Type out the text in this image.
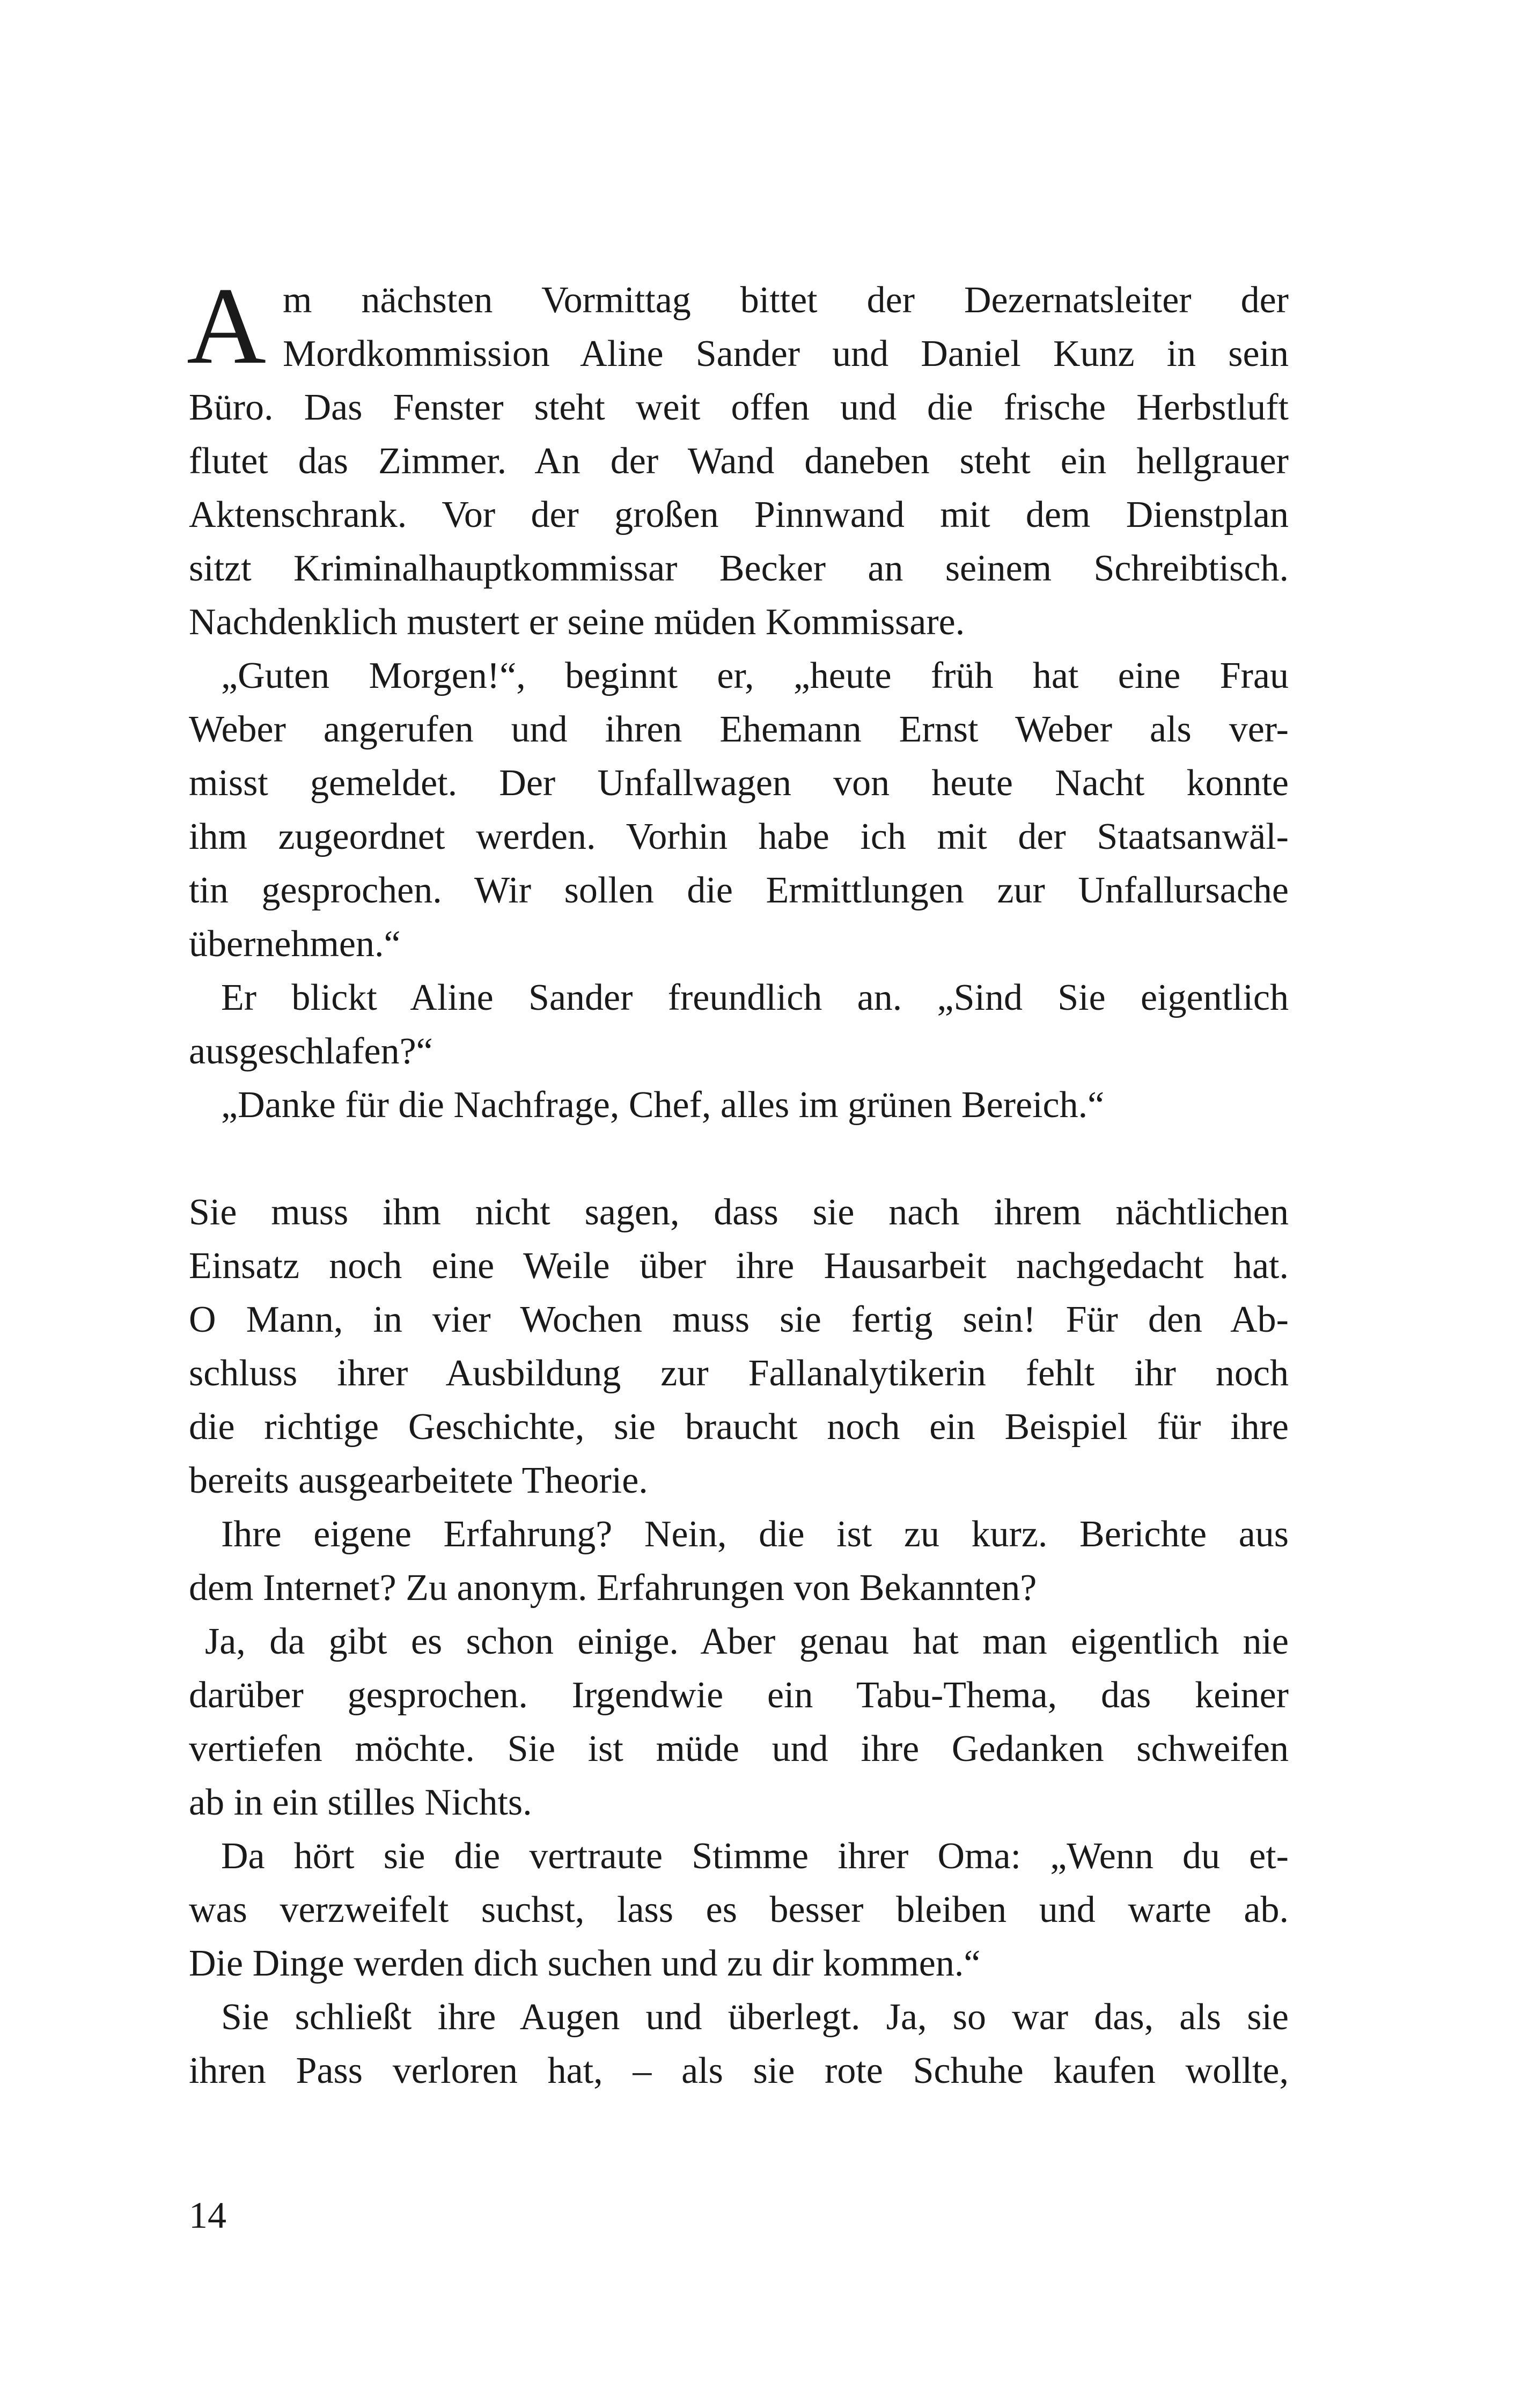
A m nächsten Vormittag bittet der Dezernatsleiter der
Mordkommission Aline Sander und Daniel Kunz in sein
Büro. Das Fenster steht weit offen und die frische Herbstluft
flutet das Zimmer. An der Wand daneben steht ein hellgrauer
Aktenschrank. Vor der großen Pinnwand mit dem Dienstplan
sitzt Kriminalhauptkommissar Becker an seinem Schreibtisch.
Nachdenklich mustert er seine müden Kommissare.
„Guten Morgen!“, beginnt er, „heute früh hat eine Frau
Weber angerufen und ihren Ehemann Ernst Weber als ver-
misst gemeldet. Der Unfallwagen von heute Nacht konnte
ihm zugeordnet werden. Vorhin habe ich mit der Staatsanwäl-
tin gesprochen. Wir sollen die Ermittlungen zur Unfallursache
übernehmen.“
Er blickt Aline Sander freundlich an. „Sind Sie eigentlich
ausgeschlafen?“
„Danke für die Nachfrage, Chef, alles im grünen Bereich.“
Sie muss ihm nicht sagen, dass sie nach ihrem nächtlichen
Einsatz noch eine Weile über ihre Hausarbeit nachgedacht hat.
O Mann, in vier Wochen muss sie fertig sein! Für den Ab-
schluss ihrer Ausbildung zur Fallanalytikerin fehlt ihr noch
die richtige Geschichte, sie braucht noch ein Beispiel für ihre
bereits ausgearbeitete Theorie.
Ihre eigene Erfahrung? Nein, die ist zu kurz. Berichte aus
dem Internet? Zu anonym. Erfahrungen von Bekannten?
Ja, da gibt es schon einige. Aber genau hat man eigentlich nie
darüber gesprochen. Irgendwie ein Tabu-Thema, das keiner
vertiefen möchte. Sie ist müde und ihre Gedanken schweifen
ab in ein stilles Nichts.
Da hört sie die vertraute Stimme ihrer Oma: „Wenn du et-
was verzweifelt suchst, lass es besser bleiben und warte ab.
Die Dinge werden dich suchen und zu dir kommen.“
Sie schließt ihre Augen und überlegt. Ja, so war das, als sie
ihren Pass verloren hat, – als sie rote Schuhe kaufen wollte,
14
